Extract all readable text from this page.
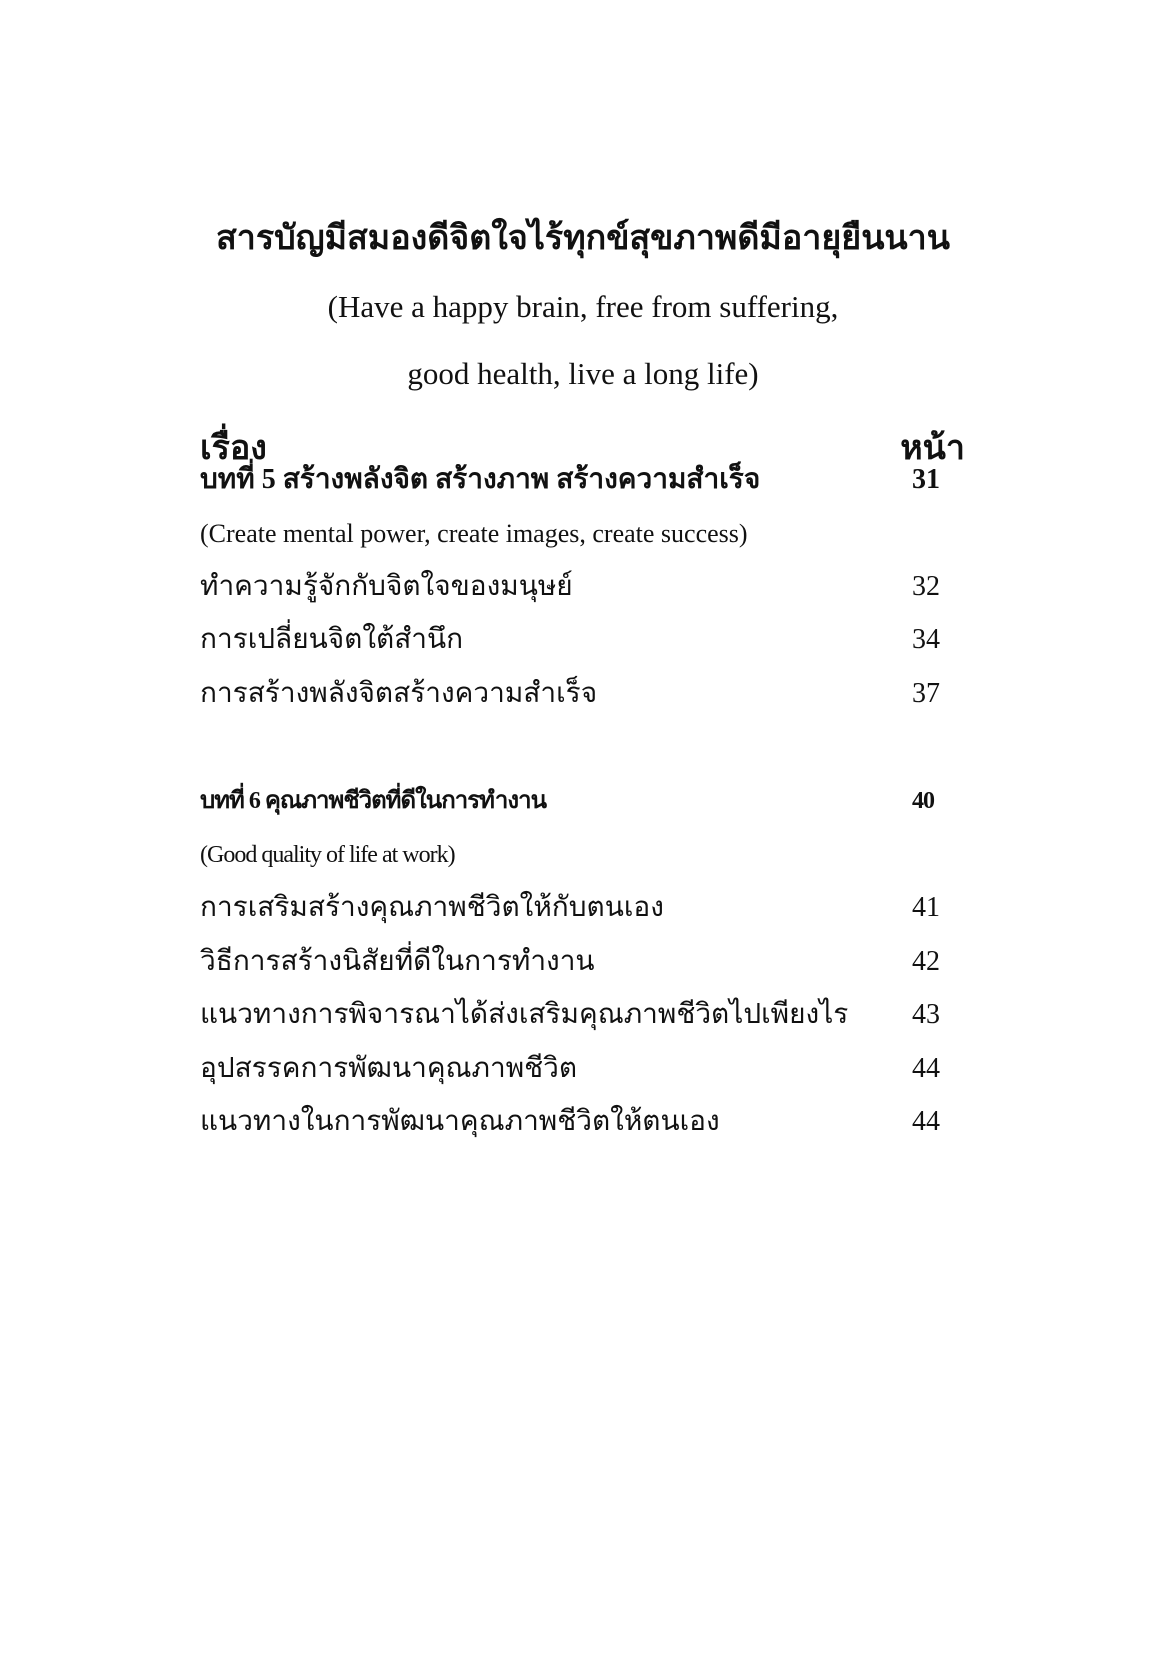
สารบัญมีสมองดีจิตใจไร้ทุกข์สุขภาพดีมีอายุยืนนาน
(Have a happy brain, free from suffering,
good health, live a long life)
เรื่อง	หน้า
บทที่ 5 สร้างพลังจิต สร้างภาพ สร้างความสำเร็จ	31
(Create mental power, create images, create success)
ทำความรู้จักกับจิตใจของมนุษย์	32
การเปลี่ยนจิตใต้สำนึก	34
การสร้างพลังจิตสร้างความสำเร็จ	37
บทที่ 6 คุณภาพชีวิตที่ดีในการทำงาน	40
(Good quality of life at work)
การเสริมสร้างคุณภาพชีวิตให้กับตนเอง	41
วิธีการสร้างนิสัยที่ดีในการทำงาน	42
แนวทางการพิจารณาได้ส่งเสริมคุณภาพชีวิตไปเพียงไร 43
อุปสรรคการพัฒนาคุณภาพชีวิต	44
แนวทางในการพัฒนาคุณภาพชีวิตให้ตนเอง	44
